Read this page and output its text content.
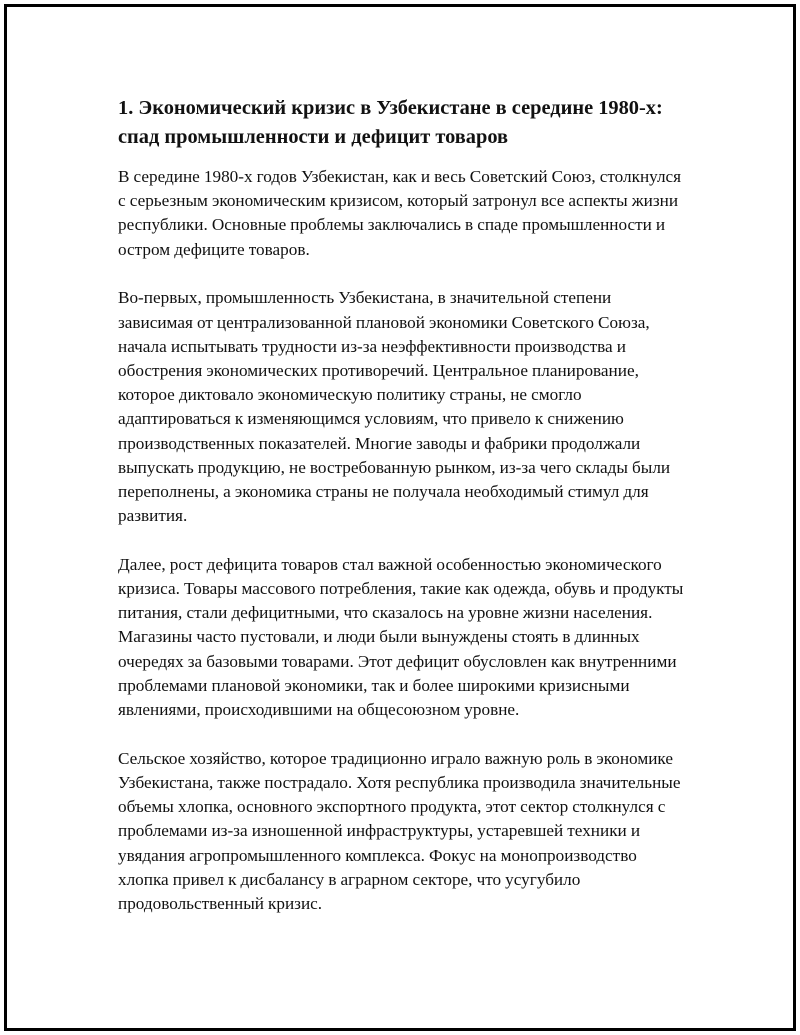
1. Экономический кризис в Узбекистане в середине 1980-х: спад промышленности и дефицит товаров

В середине 1980-х годов Узбекистан, как и весь Советский Союз, столкнулся с серьезным экономическим кризисом, который затронул все аспекты жизни республики. Основные проблемы заключались в спаде промышленности и остром дефиците товаров.

Во-первых, промышленность Узбекистана, в значительной степени зависимая от централизованной плановой экономики Советского Союза, начала испытывать трудности из-за неэффективности производства и обострения экономических противоречий. Центральное планирование, которое диктовало экономическую политику страны, не смогло адаптироваться к изменяющимся условиям, что привело к снижению производственных показателей. Многие заводы и фабрики продолжали выпускать продукцию, не востребованную рынком, из-за чего склады были переполнены, а экономика страны не получала необходимый стимул для развития.

Далее, рост дефицита товаров стал важной особенностью экономического кризиса. Товары массового потребления, такие как одежда, обувь и продукты питания, стали дефицитными, что сказалось на уровне жизни населения. Магазины часто пустовали, и люди были вынуждены стоять в длинных очередях за базовыми товарами. Этот дефицит обусловлен как внутренними проблемами плановой экономики, так и более широкими кризисными явлениями, происходившими на общесоюзном уровне.

Сельское хозяйство, которое традиционно играло важную роль в экономике Узбекистана, также пострадало. Хотя республика производила значительные объемы хлопка, основного экспортного продукта, этот сектор столкнулся с проблемами из-за изношенной инфраструктуры, устаревшей техники и увядания агропромышленного комплекса. Фокус на монопроизводство хлопка привел к дисбалансу в аграрном секторе, что усугубило продовольственный кризис.
